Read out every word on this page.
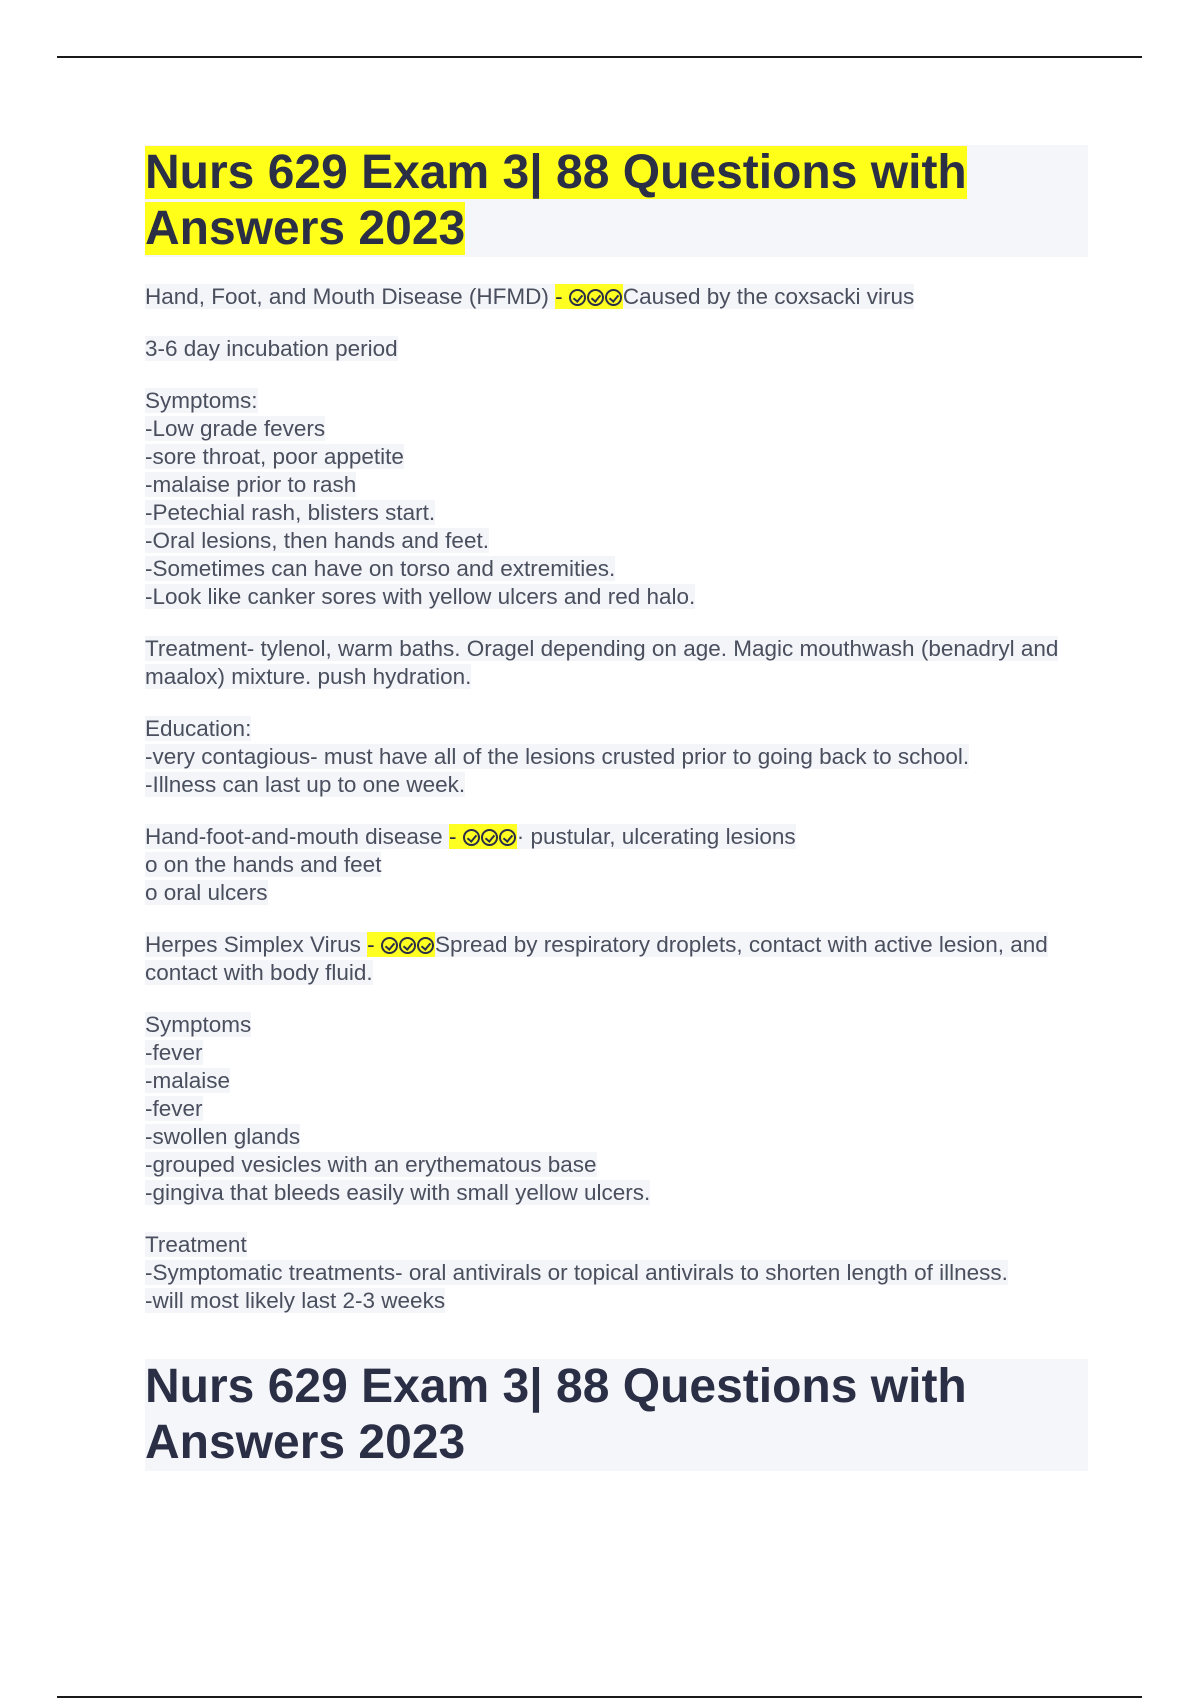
Nurs 629 Exam 3| 88 Questions with
Answers 2023

Hand, Foot, and Mouth Disease (HFMD) -	Caused by the coxsacki virus

3-6 day incubation period

Symptoms:

-Low grade fevers

-sore throat, poor appetite

-malaise prior to rash

-Petechial rash, blisters start.

-Oral lesions, then hands and feet.

-Sometimes can have on torso and extremities.

-Look like canker sores with yellow ulcers and red halo.

Treatment- tylenol, warm baths. Oragel depending on age. Magic mouthwash (benadryl and maalox) mixture. push hydration.

Education:

-very contagious- must have all of the lesions crusted prior to going back to school.

-Illness can last up to one week.

Hand-foot-and-mouth disease -	· pustular, ulcerating lesions

o on the hands and feet

o oral ulcers

Herpes Simplex Virus -	Spread by respiratory droplets, contact with active lesion, and contact with body fluid.

Symptoms

-fever

-malaise

-fever

-swollen glands

-grouped vesicles with an erythematous base

-gingiva that bleeds easily with small yellow ulcers.

Treatment

-Symptomatic treatments- oral antivirals or topical antivirals to shorten length of illness.

-will most likely last 2-3 weeks

Nurs 629 Exam 3| 88 Questions with
Answers 2023
